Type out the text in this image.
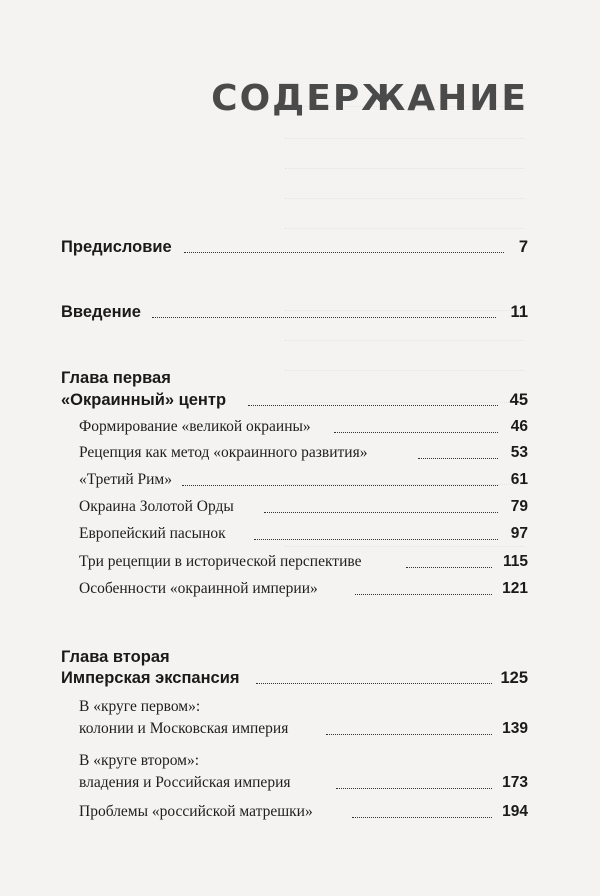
СОДЕРЖАНИЕ
Предисловие	7
Введение	11
Глава первая
«Окраинный» центр	45
Формирование «великой окраины»	46
Рецепция как метод «окраинного развития»	53
«Третий Рим»	61
Окраина Золотой Орды	79
Европейский пасынок	97
Три рецепции в исторической перспективе	115
Особенности «окраинной империи»	121
Глава вторая
Имперская экспансия	125
В «круге первом»:
колонии и Московская империя	139
В «круге втором»:
владения и Российская империя	173
Проблемы «российской матрешки»	194
